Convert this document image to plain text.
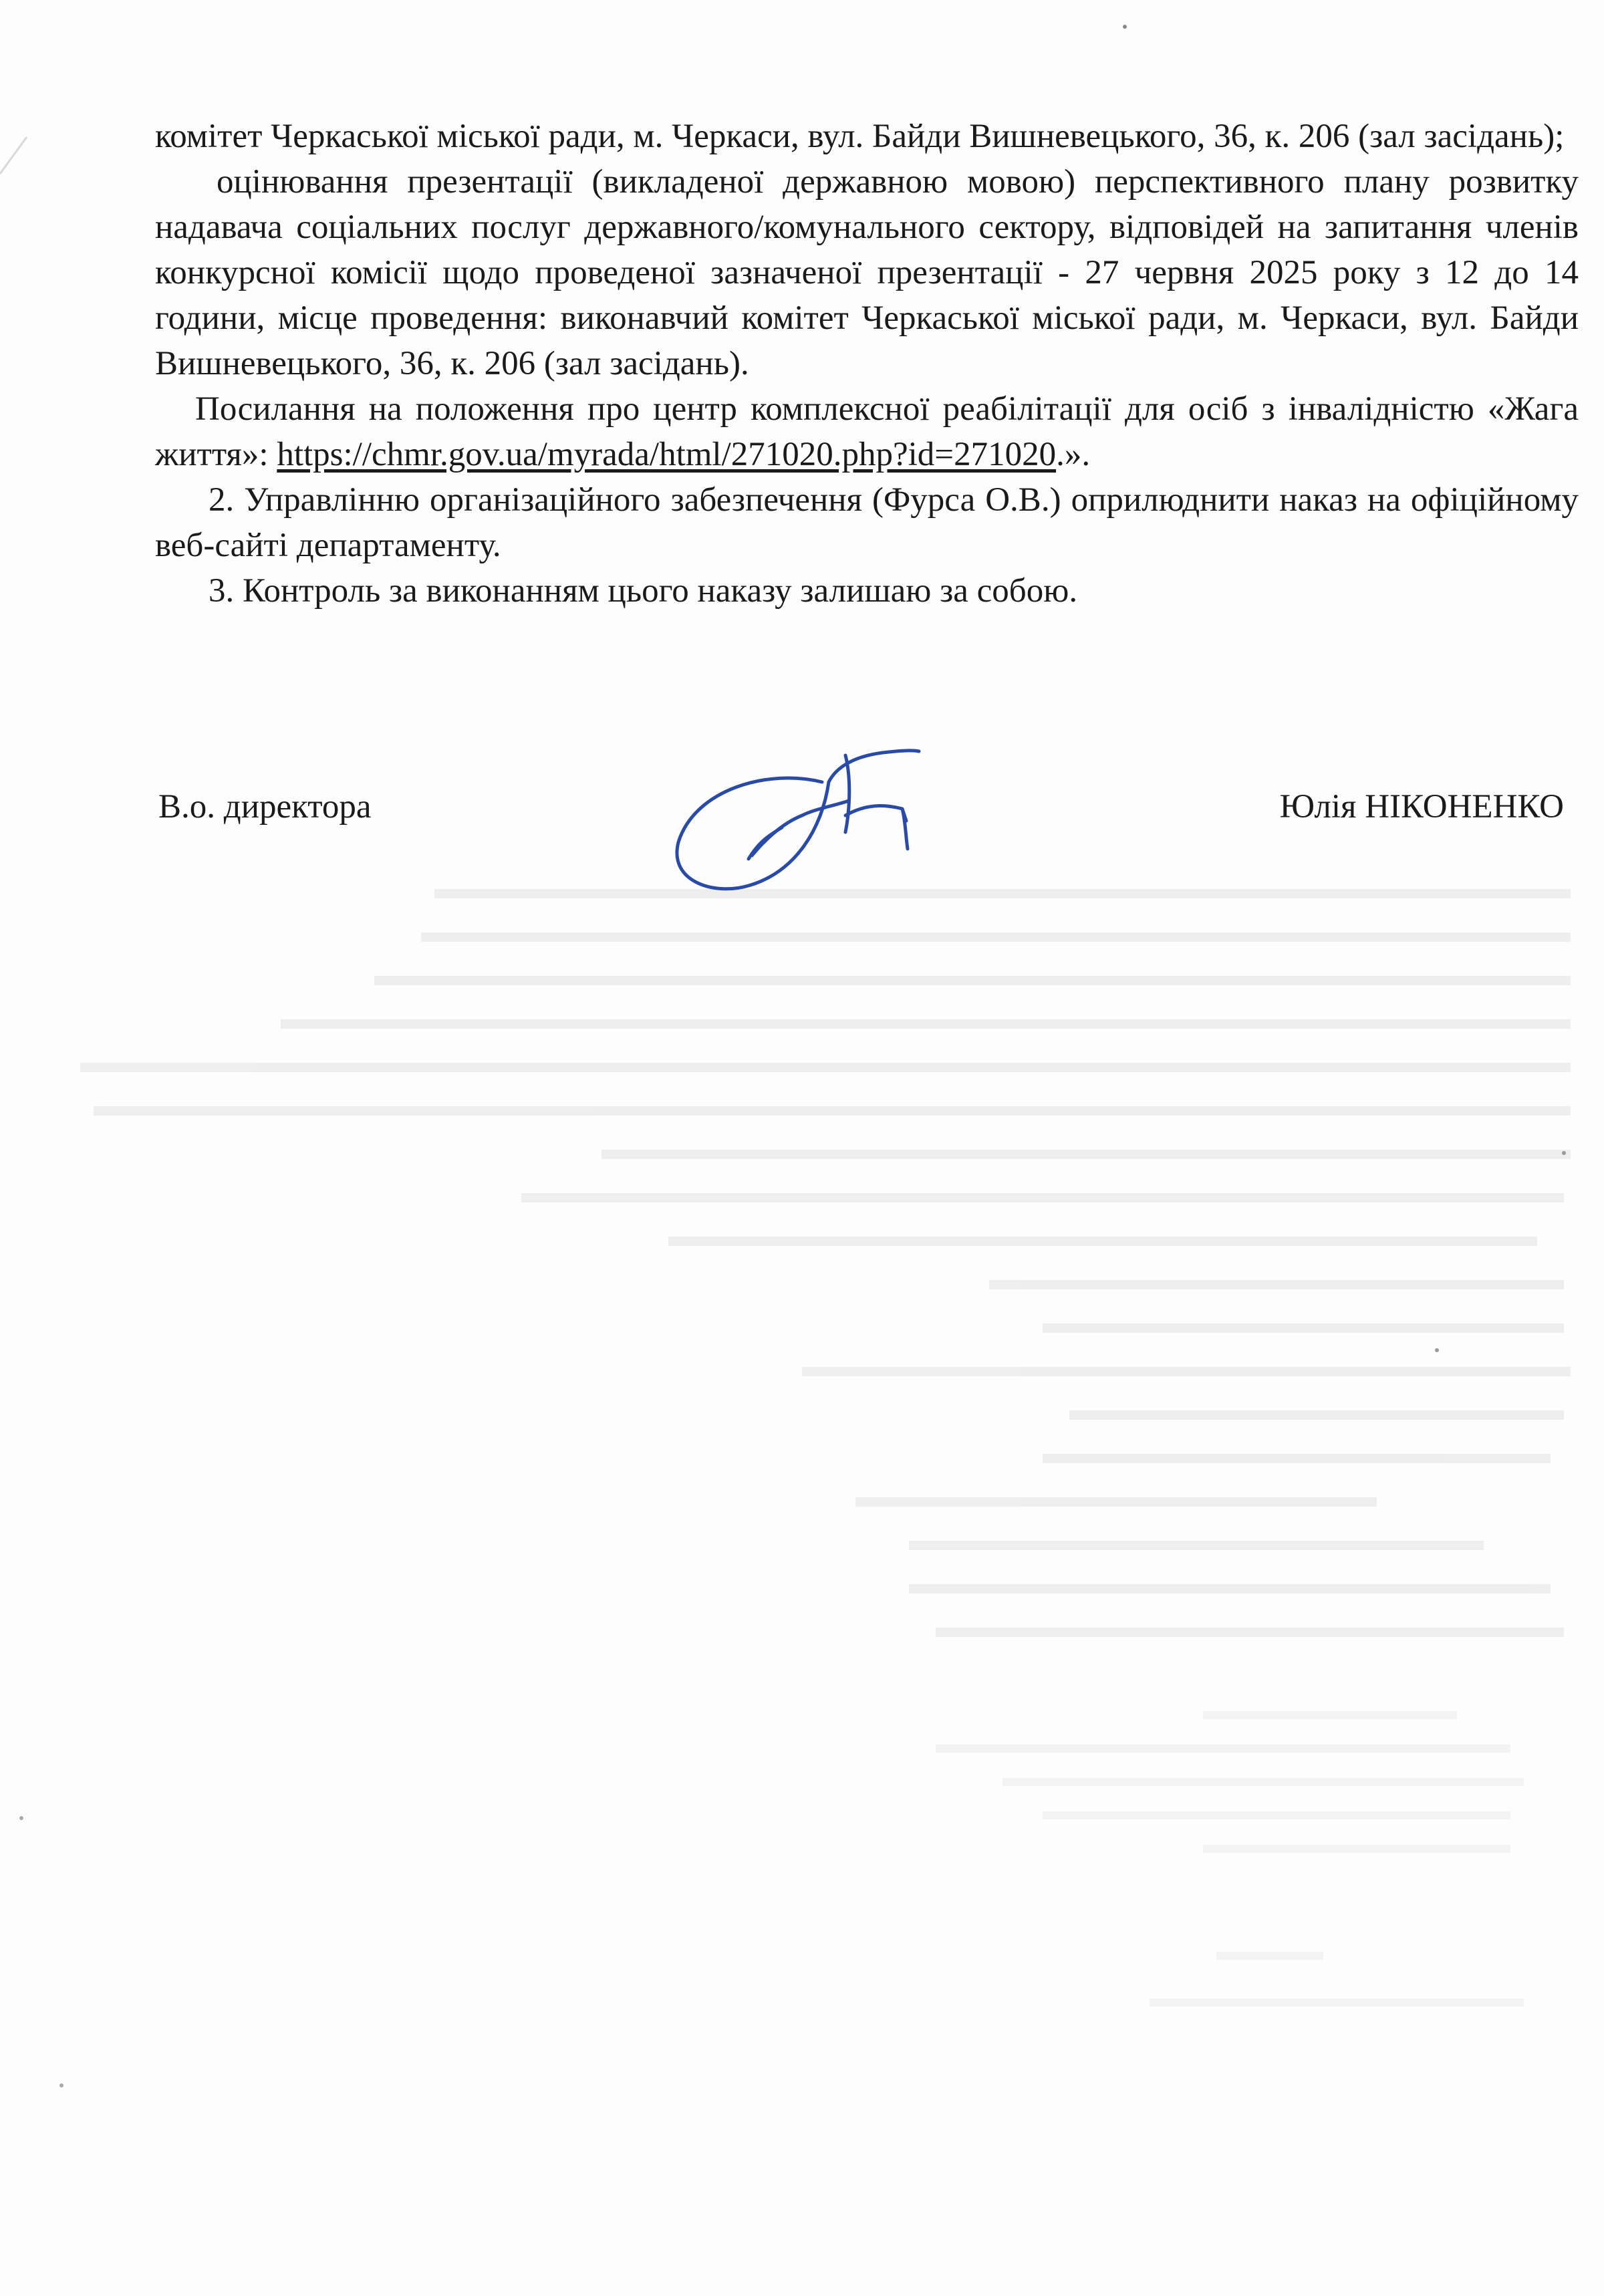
комітет Черкаської міської ради, м. Черкаси, вул. Байди Вишневецького, 36, к. 206 (зал засідань);

оцінювання презентації (викладеної державною мовою) перспективного плану розвитку надавача соціальних послуг державного/комунального сектору, відповідей на запитання членів конкурсної комісії щодо проведеної зазначеної презентації - 27 червня 2025 року з 12 до 14 години, місце проведення: виконавчий комітет Черкаської міської ради, м. Черкаси, вул. Байди Вишневецького, 36, к. 206 (зал засідань).

Посилання на положення про центр комплексної реабілітації для осіб з інвалідністю «Жага життя»: https://chmr.gov.ua/myrada/html/271020.php?id=271020.».

2. Управлінню організаційного забезпечення (Фурса О.В.) оприлюднити наказ на офіційному веб-сайті департаменту.

3. Контроль за виконанням цього наказу залишаю за собою.

В.о. директора	Юлія НІКОНЕНКО
